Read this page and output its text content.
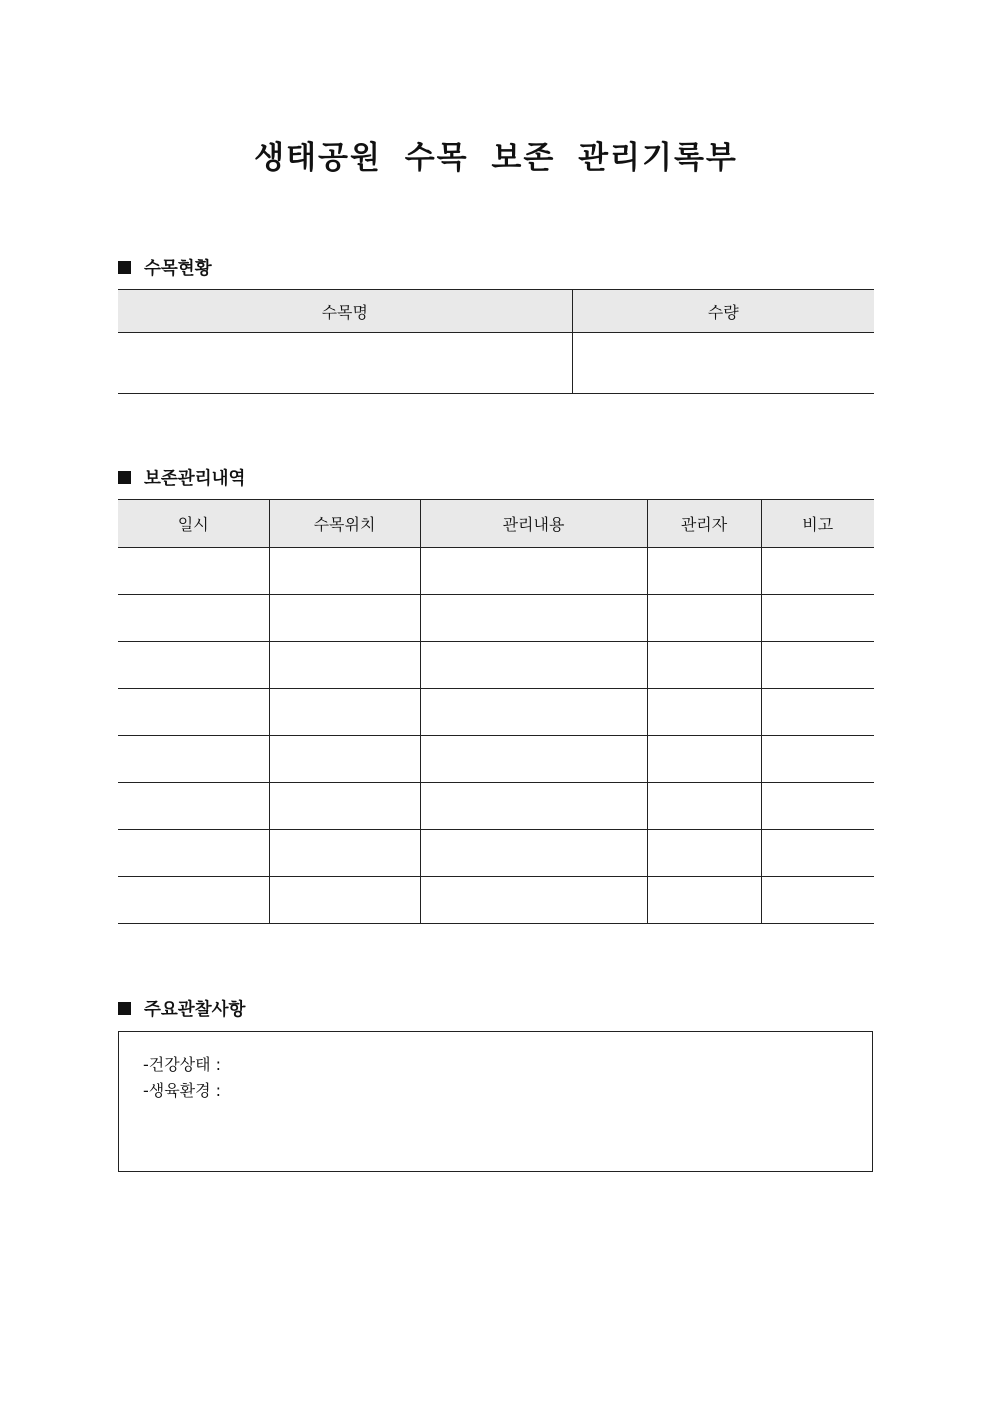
생태공원 수목 보존 관리기록부
수목현황
수목명	수량

보존관리내역
일시	수목위치	관리내용	관리자	비고

주요관찰사항
-건강상태 :
-생육환경 :
